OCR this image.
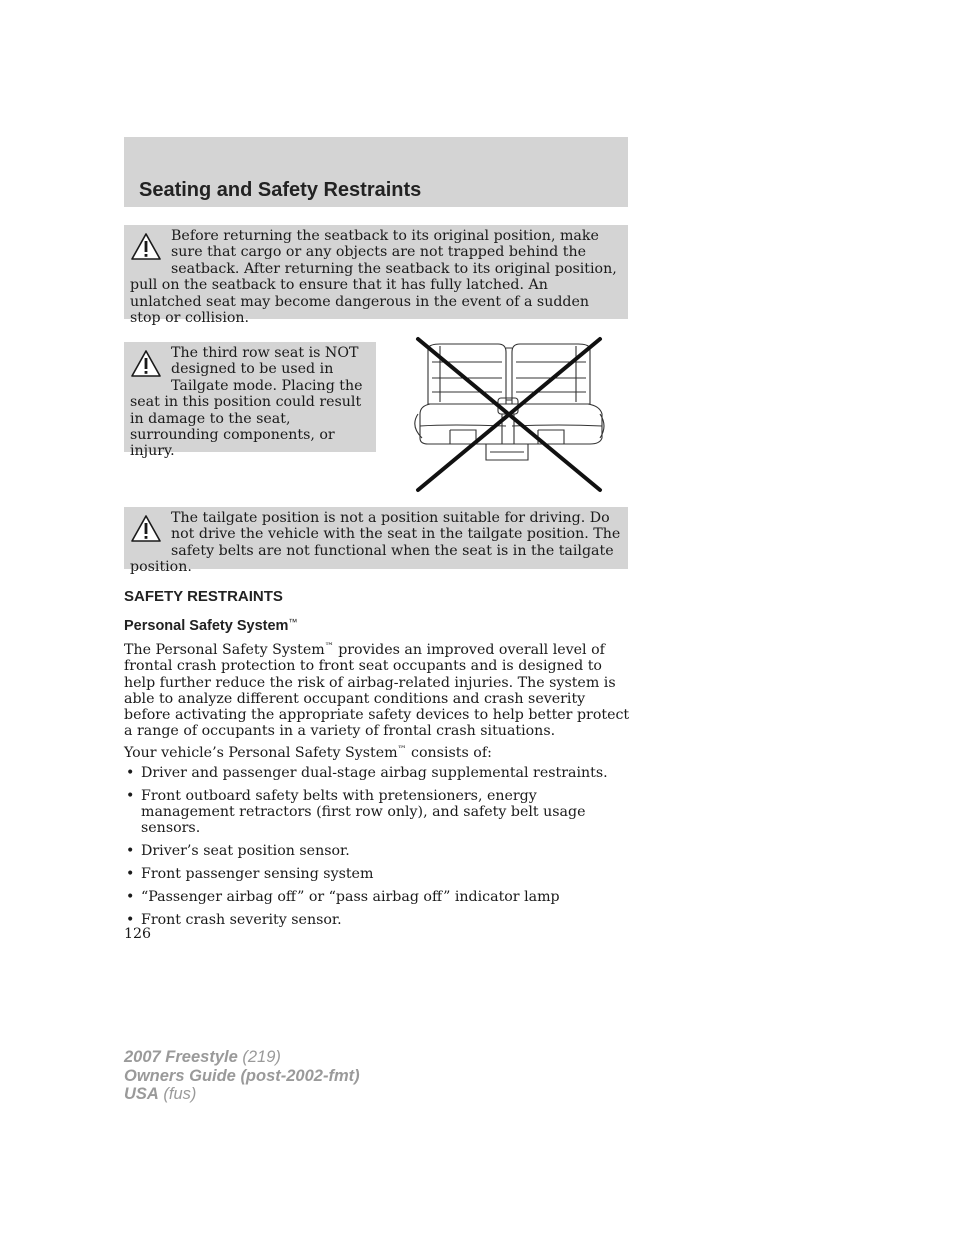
Seating and Safety Restraints

Before returning the seatback to its original position, make sure that cargo or any objects are not trapped behind the seatback. After returning the seatback to its original position, pull on the seatback to ensure that it has fully latched. An unlatched seat may become dangerous in the event of a sudden stop or collision.

The third row seat is NOT designed to be used in Tailgate mode. Placing the seat in this position could result in damage to the seat, surrounding components, or injury.

The tailgate position is not a position suitable for driving. Do not drive the vehicle with the seat in the tailgate position. The safety belts are not functional when the seat is in the tailgate position.

SAFETY RESTRAINTS
Personal Safety System™

The Personal Safety System™ provides an improved overall level of frontal crash protection to front seat occupants and is designed to help further reduce the risk of airbag-related injuries. The system is able to analyze different occupant conditions and crash severity before activating the appropriate safety devices to help better protect a range of occupants in a variety of frontal crash situations.

Your vehicle’s Personal Safety System™ consists of:

• Driver and passenger dual-stage airbag supplemental restraints.
• Front outboard safety belts with pretensioners, energy management retractors (first row only), and safety belt usage sensors.
• Driver’s seat position sensor.
• Front passenger sensing system
• “Passenger airbag off” or “pass airbag off” indicator lamp
• Front crash severity sensor.

126

2007 Freestyle (219)
Owners Guide (post-2002-fmt)
USA (fus)
